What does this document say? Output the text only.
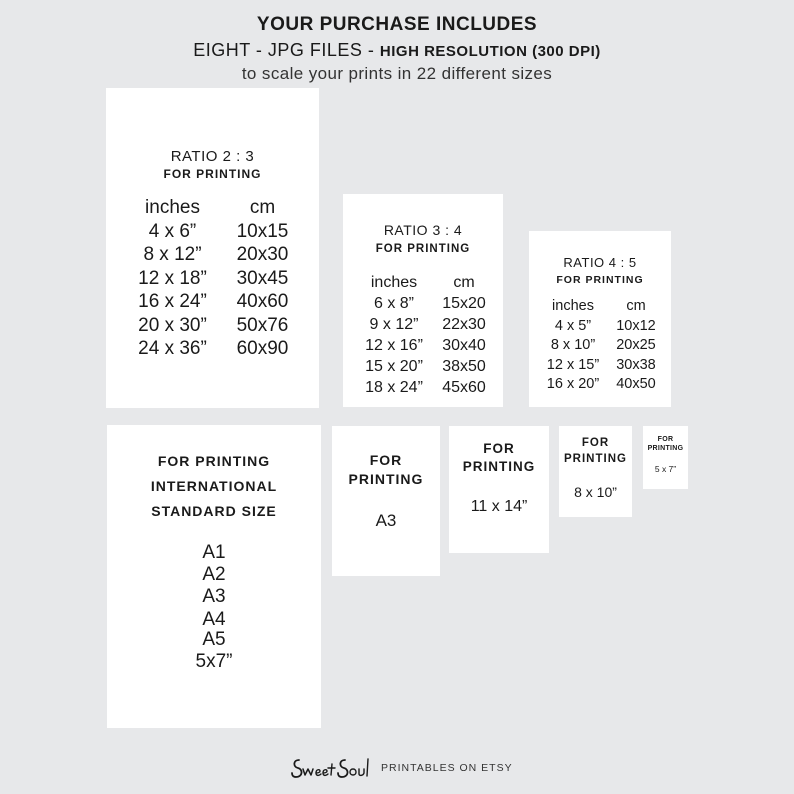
YOUR PURCHASE INCLUDES
EIGHT - JPG FILES - HIGH RESOLUTION (300 DPI)
to scale your prints in 22 different sizes
RATIO 2 : 3
FOR PRINTING
inches	cm
4 x 6”	10x15
8 x 12”	20x30
12 x 18”	30x45
16 x 24”	40x60
20 x 30”	50x76
24 x 36”	60x90
RATIO 3 : 4
FOR PRINTING
inches	cm
6 x 8”	15x20
9 x 12”	22x30
12 x 16”	30x40
15 x 20”	38x50
18 x 24”	45x60
RATIO 4 : 5
FOR PRINTING
inches	cm
4 x 5”	10x12
8 x 10”	20x25
12 x 15”	30x38
16 x 20”	40x50
FOR PRINTING
INTERNATIONAL
STANDARD SIZE
A1
A2
A3
A4
A5
5x7”
FOR
PRINTING
A3
FOR
PRINTING
11 x 14”
FOR
PRINTING
8 x 10”
FOR
PRINTING
5 x 7”
PRINTABLES ON ETSY
